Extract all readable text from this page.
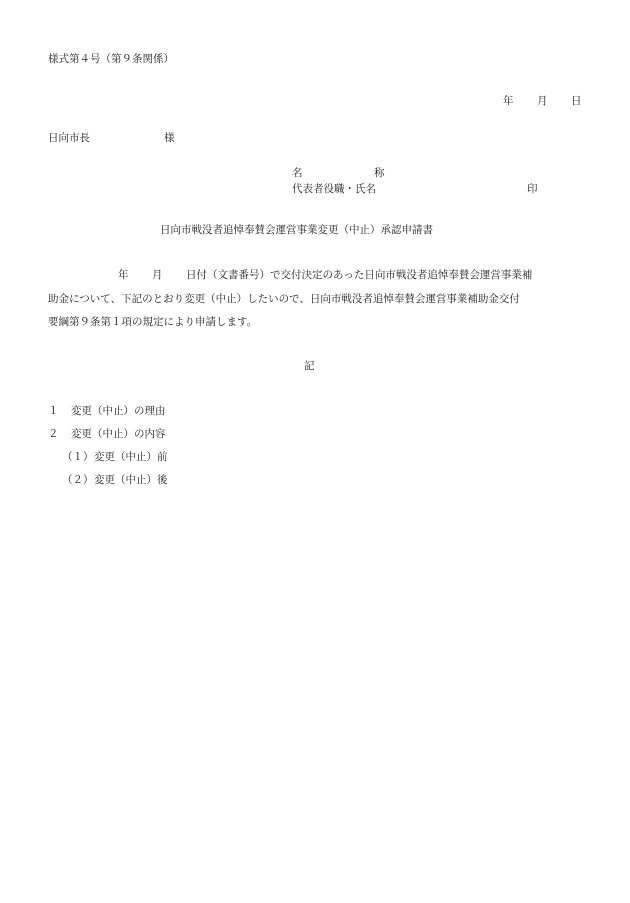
様式第４号（第９条関係）
年 月 日
日向市長	様
名	称
代表者役職・氏名	印
日向市戦没者追悼奉賛会運営事業変更（中止）承認申請書
年 月 日付（文書番号）で交付決定のあった日向市戦没者追悼奉賛会運営事業補
助金について、下記のとおり変更（中止）したいので、日向市戦没者追悼奉賛会運営事業補助金交付
要綱第９条第１項の規定により申請します。
記
１ 変更（中止）の理由
２ 変更（中止）の内容
（１） 変更（中止）前
（２） 変更（中止）後
